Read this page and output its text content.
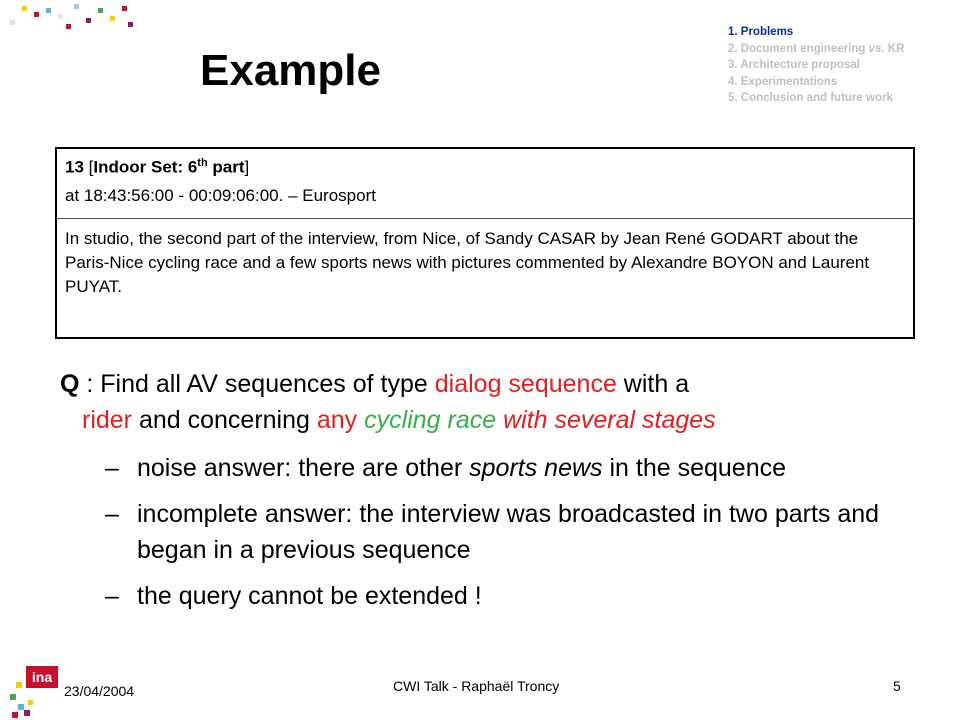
Example
1. Problems
2. Document engineering vs. KR
3. Architecture proposal
4. Experimentations
5. Conclusion and future work
13 [Indoor Set: 6th part]
at 18:43:56:00 - 00:09:06:00. – Eurosport
In studio, the second part of the interview, from Nice, of Sandy CASAR by Jean René GODART about the Paris-Nice cycling race and a few sports news with pictures commented by Alexandre BOYON and Laurent PUYAT.
Q : Find all AV sequences of type dialog sequence with a
rider and concerning any cycling race with several stages
– noise answer: there are other sports news in the sequence
– incomplete answer: the interview was broadcasted in two parts and began in a previous sequence
– the query cannot be extended !
ina
23/04/2004	CWI Talk - Raphaël Troncy	5
